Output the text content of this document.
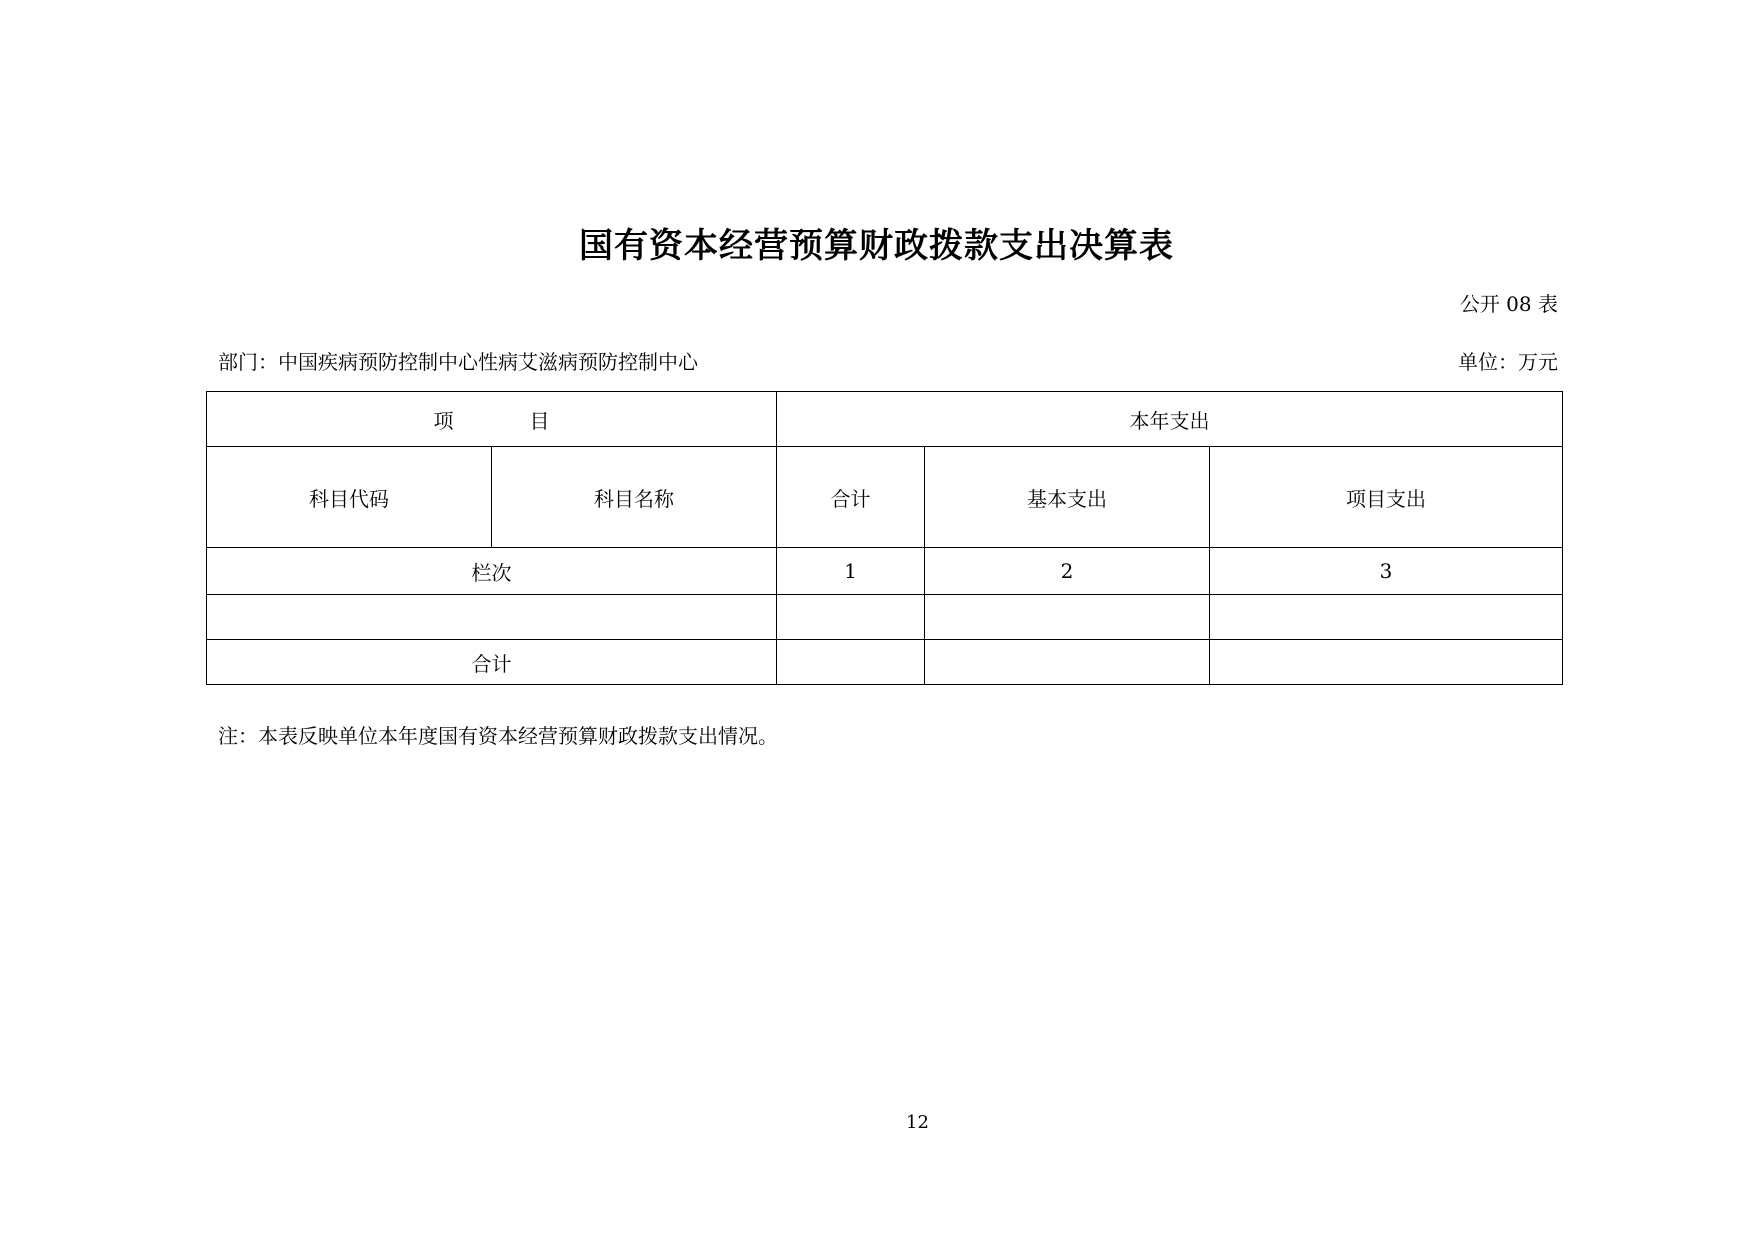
国有资本经营预算财政拨款支出决算表
公开 08 表
部门：中国疾病预防控制中心性病艾滋病预防控制中心	单位：万元
项 目		本年支出		
科目代码	科目名称	合计	基本支出	项目支出
栏次		1	2	3

合计				
注：本表反映单位本年度国有资本经营预算财政拨款支出情况。
12
